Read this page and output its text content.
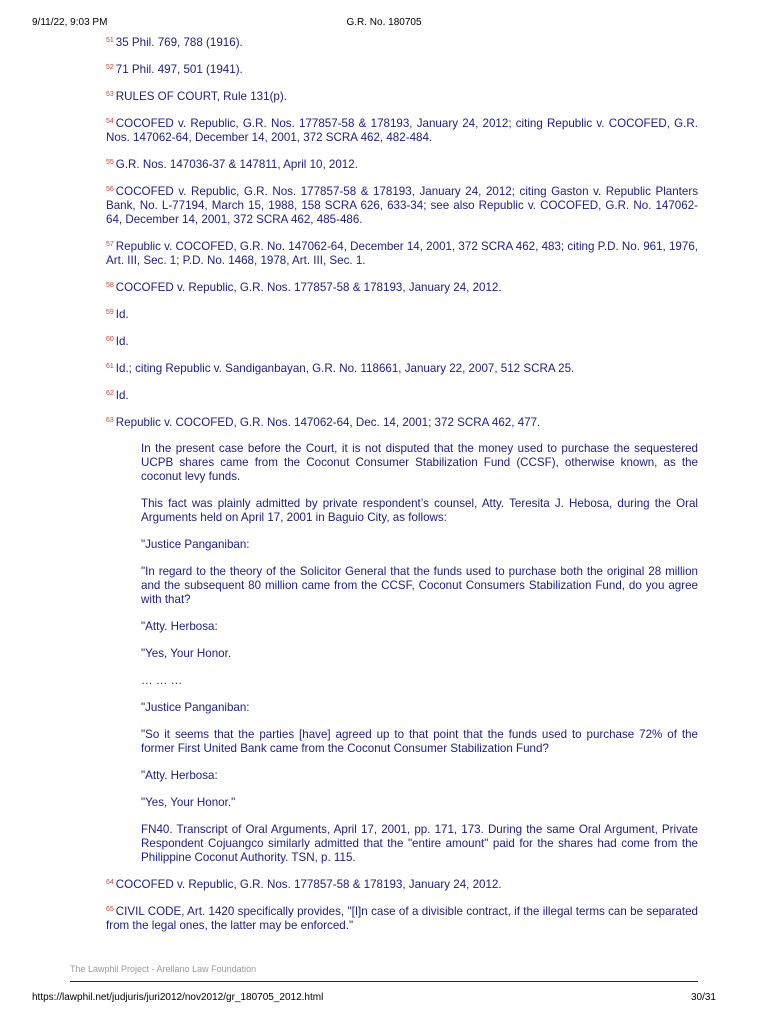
9/11/22, 9:03 PM	G.R. No. 180705

$^{51}$ 35 Phil. 769, 788 (1916).

$^{52}$ 71 Phil. 497, 501 (1941).

$^{53}$ RULES OF COURT, Rule 131(p).

$^{54}$ COCOFED v. Republic, G.R. Nos. 177857-58 & 178193, January 24, 2012; citing Republic v. COCOFED, G.R. Nos. 147062-64, December 14, 2001, 372 SCRA 462, 482-484.

$^{55}$ G.R. Nos. 147036-37 & 147811, April 10, 2012.

$^{56}$ COCOFED v. Republic, G.R. Nos. 177857-58 & 178193, January 24, 2012; citing Gaston v. Republic Planters Bank, No. L-77194, March 15, 1988, 158 SCRA 626, 633-34; see also Republic v. COCOFED, G.R. No. 147062-64, December 14, 2001, 372 SCRA 462, 485-486.

$^{57}$ Republic v. COCOFED, G.R. No. 147062-64, December 14, 2001, 372 SCRA 462, 483; citing P.D. No. 961, 1976, Art. III, Sec. 1; P.D. No. 1468, 1978, Art. III, Sec. 1.

$^{58}$ COCOFED v. Republic, G.R. Nos. 177857-58 & 178193, January 24, 2012.

$^{59}$ Id.

$^{60}$ Id.

$^{61}$ Id.; citing Republic v. Sandiganbayan, G.R. No. 118661, January 22, 2007, 512 SCRA 25.

$^{62}$ Id.

$^{63}$ Republic v. COCOFED, G.R. Nos. 147062-64, Dec. 14, 2001; 372 SCRA 462, 477.

In the present case before the Court, it is not disputed that the money used to purchase the sequestered UCPB shares came from the Coconut Consumer Stabilization Fund (CCSF), otherwise known, as the coconut levy funds.

This fact was plainly admitted by private respondent’s counsel, Atty. Teresita J. Hebosa, during the Oral Arguments held on April 17, 2001 in Baguio City, as follows:

"Justice Panganiban:

"In regard to the theory of the Solicitor General that the funds used to purchase both the original 28 million and the subsequent 80 million came from the CCSF, Coconut Consumers Stabilization Fund, do you agree with that?

"Atty. Herbosa:

"Yes, Your Honor.

… … …

"Justice Panganiban:

"So it seems that the parties [have] agreed up to that point that the funds used to purchase 72% of the former First United Bank came from the Coconut Consumer Stabilization Fund?

"Atty. Herbosa:

"Yes, Your Honor."

FN40. Transcript of Oral Arguments, April 17, 2001, pp. 171, 173. During the same Oral Argument, Private Respondent Cojuangco similarly admitted that the "entire amount" paid for the shares had come from the Philippine Coconut Authority. TSN, p. 115.

$^{64}$ COCOFED v. Republic, G.R. Nos. 177857-58 & 178193, January 24, 2012.

$^{65}$ CIVIL CODE, Art. 1420 specifically provides, "[I]n case of a divisible contract, if the illegal terms can be separated from the legal ones, the latter may be enforced."

The Lawphil Project - Arellano Law Foundation
https://lawphil.net/judjuris/juri2012/nov2012/gr_180705_2012.html	30/31
